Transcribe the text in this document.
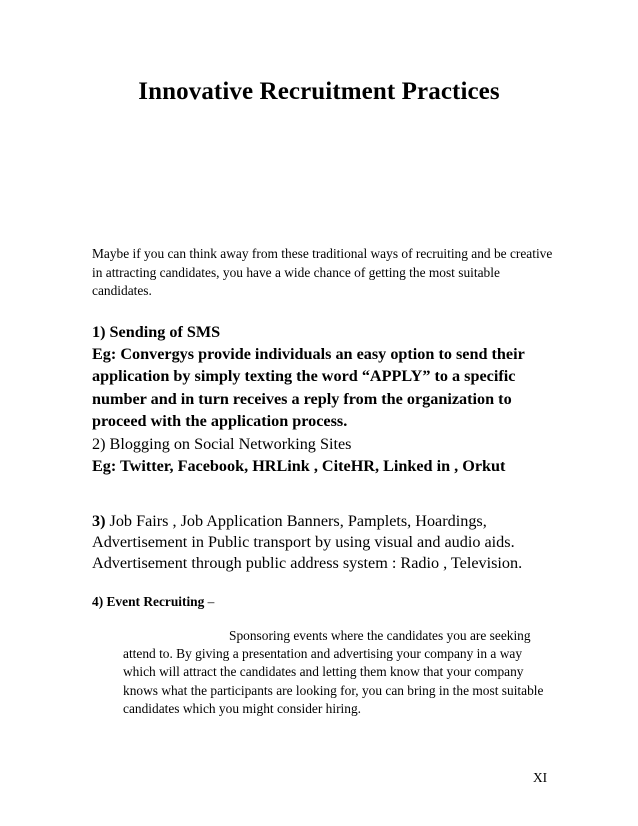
Innovative Recruitment Practices

Maybe if you can think away from these traditional ways of recruiting and be creative in attracting candidates, you have a wide chance of getting the most suitable candidates.

1) Sending of SMS
Eg: Convergys provide individuals an easy option to send their application by simply texting the word “APPLY” to a specific number and in turn receives a reply from the organization to proceed with the application process.
2) Blogging on Social Networking Sites
Eg: Twitter, Facebook, HRLink , CiteHR, Linked in , Orkut

3) Job Fairs , Job Application Banners, Pamplets, Hoardings, Advertisement in Public transport by using visual and audio aids. Advertisement through public address system : Radio , Television.

4) Event Recruiting –

Sponsoring events where the candidates you are seeking attend to. By giving a presentation and advertising your company in a way which will attract the candidates and letting them know that your company knows what the participants are looking for, you can bring in the most suitable candidates which you might consider hiring.

XI
